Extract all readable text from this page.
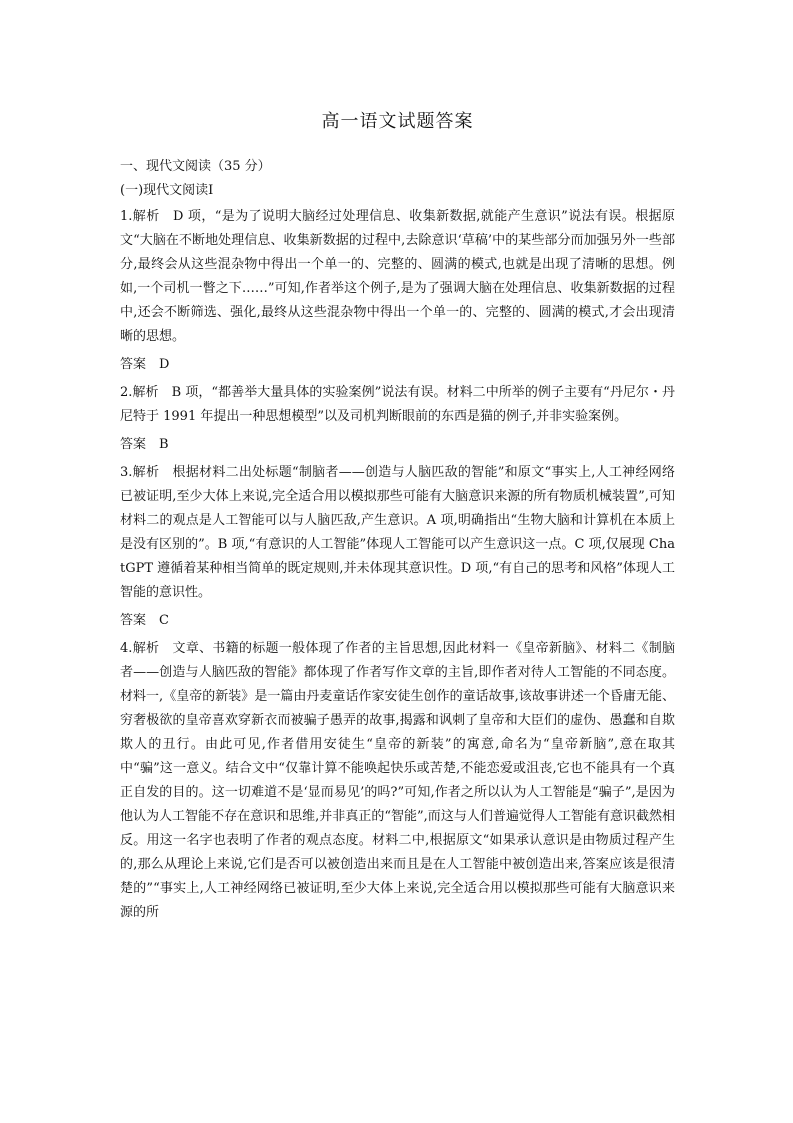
高一语文试题答案

一、现代文阅读（35 分）

(一)现代文阅读Ⅰ

1.解析　D 项，“是为了说明大脑经过处理信息、收集新数据,就能产生意识”说法有误。根据原文“大脑在不断地处理信息、收集新数据的过程中,去除意识‘草稿’中的某些部分而加强另外一些部分,最终会从这些混杂物中得出一个单一的、完整的、圆满的模式,也就是出现了清晰的思想。例如,一个司机一瞥之下……”可知,作者举这个例子,是为了强调大脑在处理信息、收集新数据的过程中,还会不断筛选、强化,最终从这些混杂物中得出一个单一的、完整的、圆满的模式,才会出现清晰的思想。

答案　D

2.解析　B 项，“都善举大量具体的实验案例”说法有误。材料二中所举的例子主要有“丹尼尔・丹尼特于 1991 年提出一种思想模型”以及司机判断眼前的东西是猫的例子,并非实验案例。

答案　B

3.解析　根据材料二出处标题“制脑者——创造与人脑匹敌的智能”和原文“事实上,人工神经网络已被证明,至少大体上来说,完全适合用以模拟那些可能有大脑意识来源的所有物质机械装置”,可知材料二的观点是人工智能可以与人脑匹敌,产生意识。A 项,明确指出“生物大脑和计算机在本质上是没有区别的”。B 项,“有意识的人工智能”体现人工智能可以产生意识这一点。C 项,仅展现 ChatGPT 遵循着某种相当简单的既定规则,并未体现其意识性。D 项,“有自己的思考和风格”体现人工智能的意识性。

答案　C

4.解析　文章、书籍的标题一般体现了作者的主旨思想,因此材料一《皇帝新脑》、材料二《制脑者——创造与人脑匹敌的智能》都体现了作者写作文章的主旨,即作者对待人工智能的不同态度。材料一,《皇帝的新装》是一篇由丹麦童话作家安徒生创作的童话故事,该故事讲述一个昏庸无能、穷奢极欲的皇帝喜欢穿新衣而被骗子愚弄的故事,揭露和讽刺了皇帝和大臣们的虚伪、愚蠢和自欺欺人的丑行。由此可见,作者借用安徒生“皇帝的新装”的寓意,命名为“皇帝新脑”,意在取其中“骗”这一意义。结合文中“仅靠计算不能唤起快乐或苦楚,不能恋爱或沮丧,它也不能具有一个真正自发的目的。这一切难道不是‘显而易见’的吗?”可知,作者之所以认为人工智能是“骗子”,是因为他认为人工智能不存在意识和思维,并非真正的“智能”,而这与人们普遍觉得人工智能有意识截然相反。用这一名字也表明了作者的观点态度。材料二中,根据原文“如果承认意识是由物质过程产生的,那么从理论上来说,它们是否可以被创造出来而且是在人工智能中被创造出来,答案应该是很清楚的”“事实上,人工神经网络已被证明,至少大体上来说,完全适合用以模拟那些可能有大脑意识来源的所
